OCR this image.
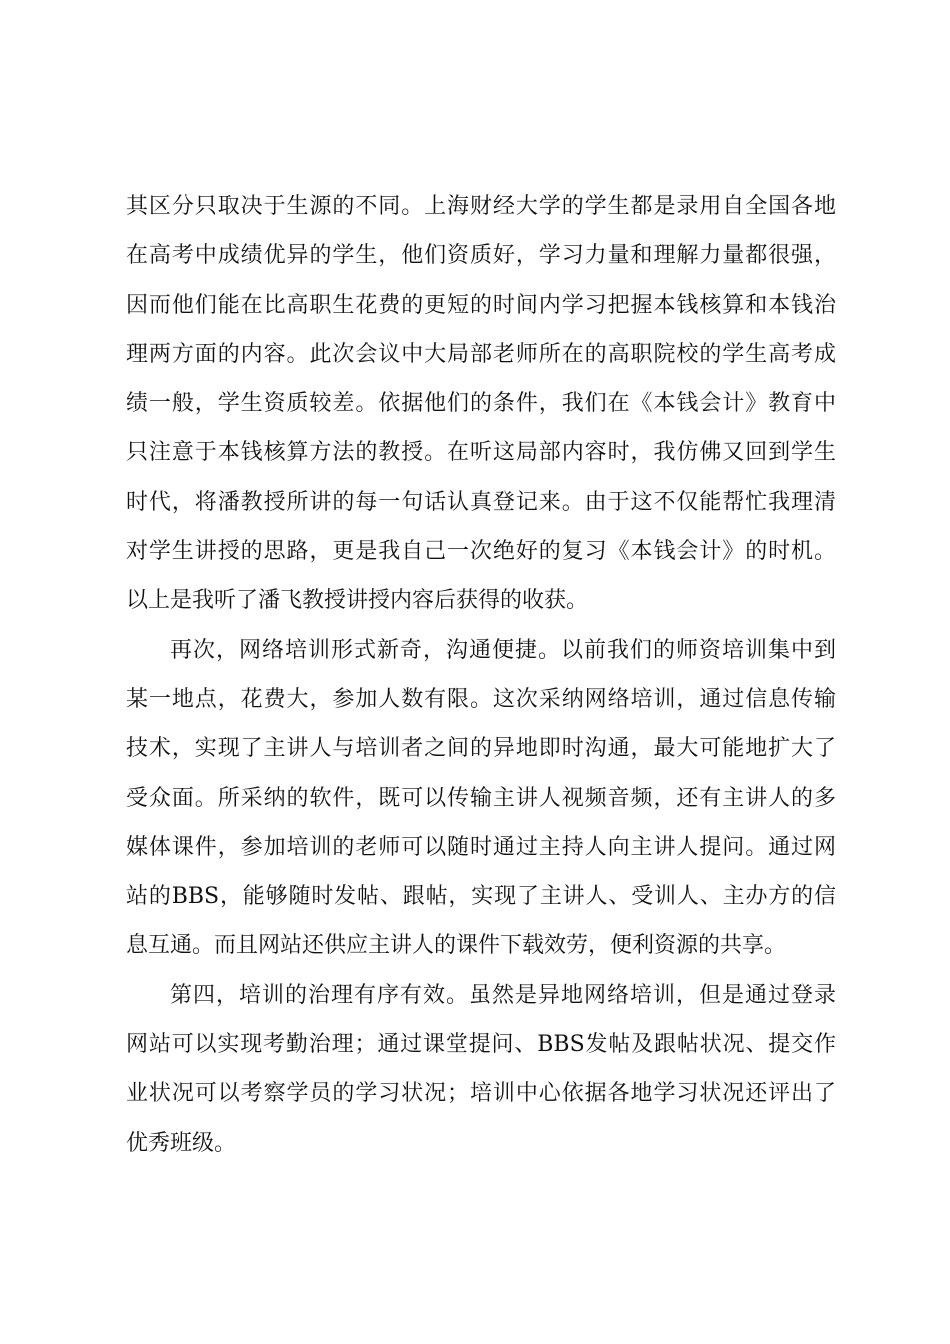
其区分只取决于生源的不同。上海财经大学的学生都是录用自全国各地
在高考中成绩优异的学生，他们资质好，学习力量和理解力量都很强，
因而他们能在比高职生花费的更短的时间内学习把握本钱核算和本钱治
理两方面的内容。此次会议中大局部老师所在的高职院校的学生高考成
绩一般，学生资质较差。依据他们的条件，我们在《本钱会计》教育中
只注意于本钱核算方法的教授。在听这局部内容时，我仿佛又回到学生
时代，将潘教授所讲的每一句话认真登记来。由于这不仅能帮忙我理清
对学生讲授的思路，更是我自己一次绝好的复习《本钱会计》的时机。
以上是我听了潘飞教授讲授内容后获得的收获。
再次，网络培训形式新奇，沟通便捷。以前我们的师资培训集中到
某一地点，花费大，参加人数有限。这次采纳网络培训，通过信息传输
技术，实现了主讲人与培训者之间的异地即时沟通，最大可能地扩大了
受众面。所采纳的软件，既可以传输主讲人视频音频，还有主讲人的多
媒体课件，参加培训的老师可以随时通过主持人向主讲人提问。通过网
站的BBS，能够随时发帖、跟帖，实现了主讲人、受训人、主办方的信
息互通。而且网站还供应主讲人的课件下载效劳，便利资源的共享。
第四，培训的治理有序有效。虽然是异地网络培训，但是通过登录
网站可以实现考勤治理；通过课堂提问、BBS发帖及跟帖状况、提交作
业状况可以考察学员的学习状况；培训中心依据各地学习状况还评出了
优秀班级。
